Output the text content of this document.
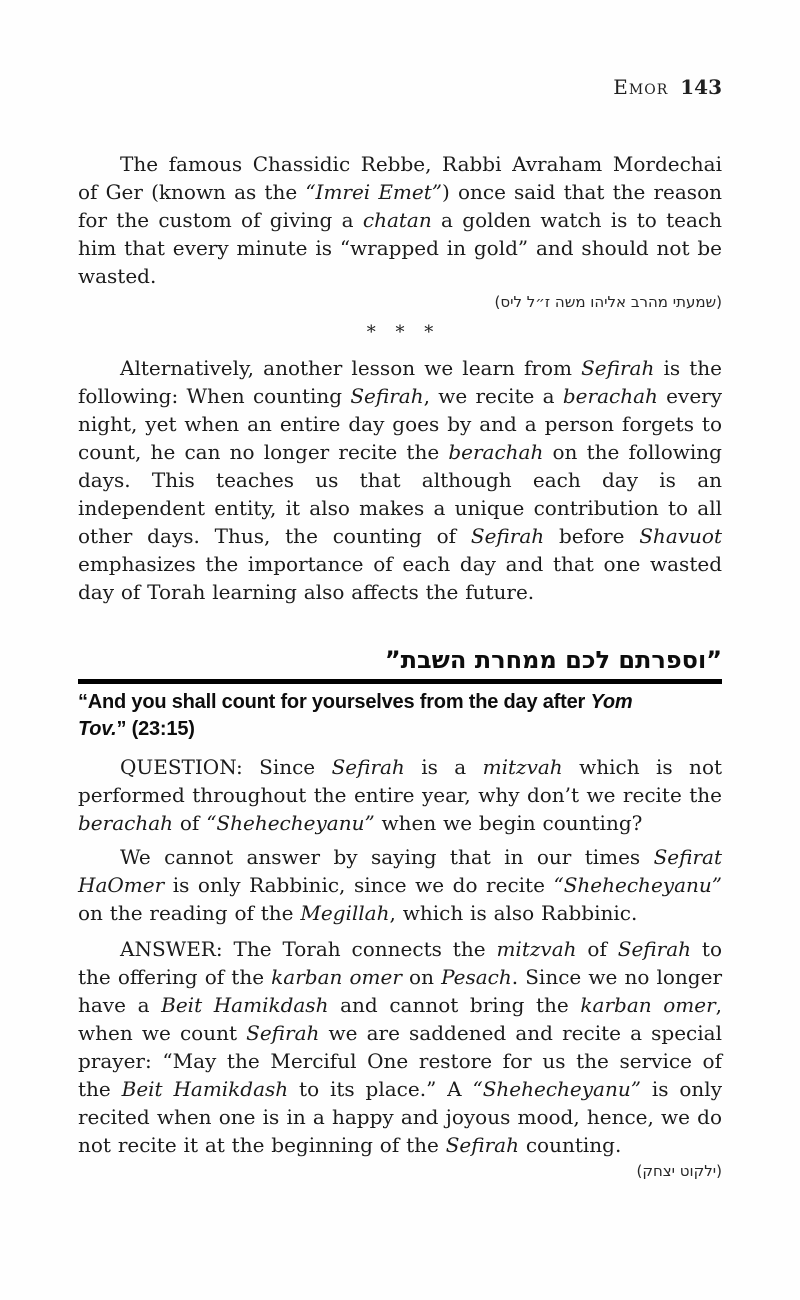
Emor 143

The famous Chassidic Rebbe, Rabbi Avraham Mordechai of Ger (known as the “Imrei Emet”) once said that the reason for the custom of giving a chatan a golden watch is to teach him that every minute is “wrapped in gold” and should not be wasted.

(שמעתי מהרב אליהו משה ז״ל ליס)

* * *

Alternatively, another lesson we learn from Sefirah is the following: When counting Sefirah, we recite a berachah every night, yet when an entire day goes by and a person forgets to count, he can no longer recite the berachah on the following days. This teaches us that although each day is an independent entity, it also makes a unique contribution to all other days. Thus, the counting of Sefirah before Shavuot emphasizes the importance of each day and that one wasted day of Torah learning also affects the future.

”וספרתם לכם ממחרת השבת”
“And you shall count for yourselves from the day after Yom Tov.” (23:15)

QUESTION: Since Sefirah is a mitzvah which is not performed throughout the entire year, why don’t we recite the berachah of “Shehecheyanu” when we begin counting?

We cannot answer by saying that in our times Sefirat HaOmer is only Rabbinic, since we do recite “Shehecheyanu” on the reading of the Megillah, which is also Rabbinic.

ANSWER: The Torah connects the mitzvah of Sefirah to the offering of the karban omer on Pesach. Since we no longer have a Beit Hamikdash and cannot bring the karban omer, when we count Sefirah we are saddened and recite a special prayer: “May the Merciful One restore for us the service of the Beit Hamikdash to its place.” A “Shehecheyanu” is only recited when one is in a happy and joyous mood, hence, we do not recite it at the beginning of the Sefirah counting.

(ילקוט יצחק)
